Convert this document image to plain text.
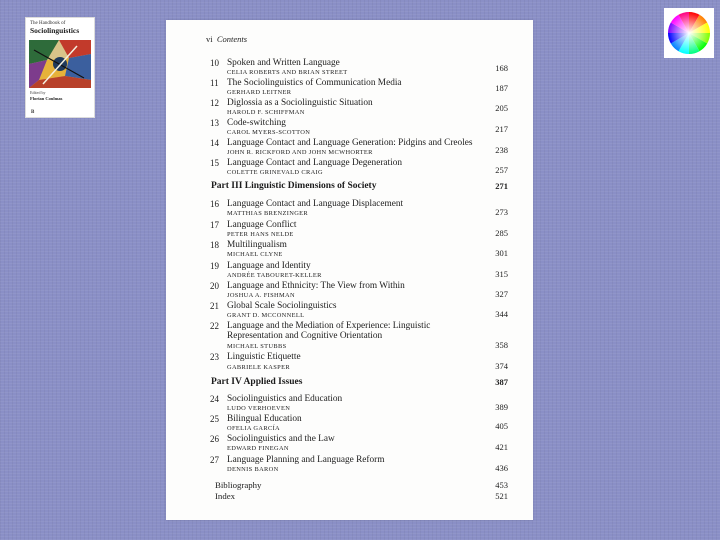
The Handbook of
Sociolinguistics
Edited by
Florian Coulmas
B
vi Contents
10 Spoken and Written Language
CELIA ROBERTS AND BRIAN STREET	168
11 The Sociolinguistics of Communication Media
GERHARD LEITNER	187
12 Diglossia as a Sociolinguistic Situation
HAROLD F. SCHIFFMAN	205
13 Code-switching
CAROL MYERS-SCOTTON	217
14 Language Contact and Language Generation: Pidgins and Creoles
JOHN R. RICKFORD AND JOHN MCWHORTER	238
15 Language Contact and Language Degeneration
COLETTE GRINEVALD CRAIG	257
Part III Linguistic Dimensions of Society	271
16 Language Contact and Language Displacement
MATTHIAS BRENZINGER	273
17 Language Conflict
PETER HANS NELDE	285
18 Multilingualism
MICHAEL CLYNE	301
19 Language and Identity
ANDRÉE TABOURET-KELLER	315
20 Language and Ethnicity: The View from Within
JOSHUA A. FISHMAN	327
21 Global Scale Sociolinguistics
GRANT D. MCCONNELL	344
22 Language and the Mediation of Experience: Linguistic
Representation and Cognitive Orientation
MICHAEL STUBBS	358
23 Linguistic Etiquette
GABRIELE KASPER	374
Part IV Applied Issues	387
24 Sociolinguistics and Education
LUDO VERHOEVEN	389
25 Bilingual Education
OFELIA GARCÍA	405
26 Sociolinguistics and the Law
EDWARD FINEGAN	421
27 Language Planning and Language Reform
DENNIS BARON	436
Bibliography	453
Index	521
